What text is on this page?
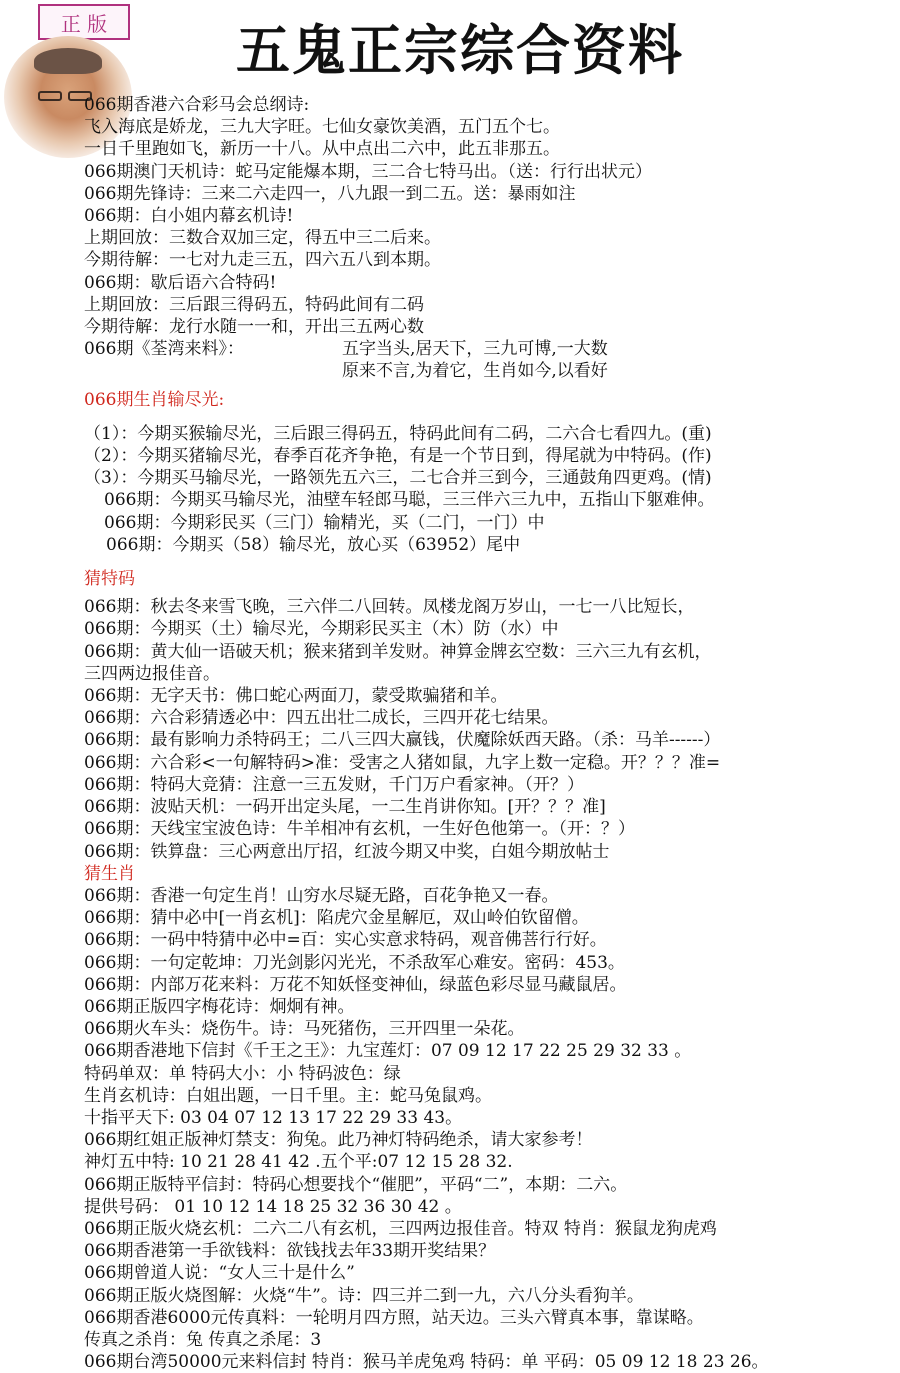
正 版	五鬼正宗综合资料
066期香港六合彩马会总纲诗:
飞入海底是娇龙，三九大字旺。七仙女豪饮美酒，五门五个七。
一日千里跑如飞，新历一十八。从中点出二六中，此五非那五。
066期澳门天机诗：蛇马定能爆本期，三二合七特马出。（送：行行出状元）
066期先锋诗：三来二六走四一，八九跟一到二五。送：暴雨如注
066期：白小姐内幕玄机诗!
上期回放：三数合双加三定，得五中三二后来。
今期待解：一七对九走三五，四六五八到本期。
066期：歇后语六合特码!
上期回放：三后跟三得码五，特码此间有二码
今期待解：龙行水随一一和，开出三五两心数
066期《荃湾来料》：	五字当头,居天下，三九可博,一大数
原来不言,为着它，生肖如今,以看好
066期生肖输尽光:
（1）：今期买猴输尽光，三后跟三得码五，特码此间有二码，二六合七看四九。(重)
（2）：今期买猪输尽光，春季百花齐争艳，有是一个节日到，得尾就为中特码。(作)
（3）：今期买马输尽光，一路领先五六三，二七合并三到今，三通鼓角四更鸡。(情)
066期：今期买马输尽光，油壁车轻郎马聪，三三伴六三九中，五指山下躯难伸。
066期：今期彩民买（三门）输精光，买（二门，一门）中
066期：今期买（58）输尽光，放心买（63952）尾中
猜特码
066期：秋去冬来雪飞晚，三六伴二八回转。凤楼龙阁万岁山，一七一八比短长，
066期：今期买（土）输尽光，今期彩民买主（木）防（水）中
066期：黄大仙一语破天机；猴来猪到羊发财。神算金牌玄空数：三六三九有玄机，
三四两边报佳音。
066期：无字天书：佛口蛇心两面刀，蒙受欺骗猪和羊。
066期：六合彩猜透必中：四五出壮二成长，三四开花七结果。
066期：最有影响力杀特码王；二八三四大赢钱，伏魔除妖西天路。（杀：马羊------）
066期：六合彩<一句解特码>准：受害之人猪如鼠，九字上数一定稳。开？？？准=
066期：特码大竞猜：注意一三五发财，千门万户看家神。（开？）
066期：波贴天机：一码开出定头尾，一二生肖讲你知。[开？？？准]
066期：天线宝宝波色诗：牛羊相冲有玄机，一生好色他第一。（开：？）
066期：铁算盘：三心两意出厅招，红波今期又中奖，白姐今期放帖士
猜生肖
066期：香港一句定生肖！山穷水尽疑无路，百花争艳又一春。
066期：猜中必中[一肖玄机]：陷虎穴金星解厄，双山岭伯钦留僧。
066期：一码中特猜中必中=百：实心实意求特码，观音佛菩行行好。
066期：一句定乾坤：刀光剑影闪光光，不杀敌军心难安。密码：453。
066期：内部万花来料：万花不知妖怪变神仙，绿蓝色彩尽显马藏鼠居。
066期正版四字梅花诗：炯炯有神。
066期火车头：烧伤牛。诗：马死猪伤，三开四里一朵花。
066期香港地下信封《千王之王》：九宝莲灯：07 09 12 17 22 25 29 32 33 。
特码单双：单 特码大小：小 特码波色：绿
生肖玄机诗：白姐出题，一日千里。主：蛇马兔鼠鸡。
十指平天下: 03 04 07 12 13 17 22 29 33 43。
066期红姐正版神灯禁支：狗兔。此乃神灯特码绝杀，请大家参考！
神灯五中特: 10 21 28 41 42 .五个平:07 12 15 28 32.
066期正版特平信封：特码心想要找个“催肥”，平码“二”，本期：二六。
提供号码： 01 10 12 14 18 25 32 36 30 42 。
066期正版火烧玄机：二六二八有玄机，三四两边报佳音。特双 特肖：猴鼠龙狗虎鸡
066期香港第一手欲钱料：欲钱找去年33期开奖结果？
066期曾道人说：“女人三十是什么”
066期正版火烧图解：火烧“牛”。诗：四三并二到一九，六八分头看狗羊。
066期香港6000元传真料：一轮明月四方照，站天边。三头六臂真本事，靠谋略。
传真之杀肖：兔 传真之杀尾：3
066期台湾50000元来料信封 特肖：猴马羊虎兔鸡 特码：单 平码：05 09 12 18 23 26。
